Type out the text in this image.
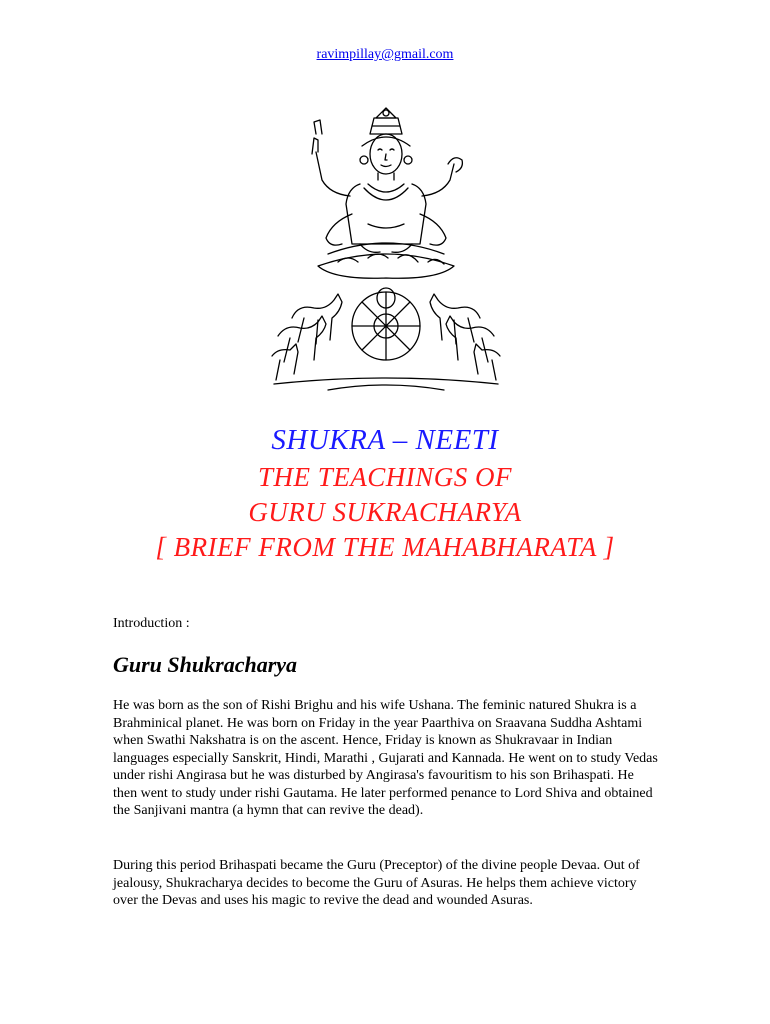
ravimpillay@gmail.com
SHUKRA – NEETI
THE TEACHINGS OF
GURU SUKRACHARYA
[ BRIEF FROM THE MAHABHARATA ]
Introduction :
Guru Shukracharya

He was born as the son of Rishi Brighu and his wife Ushana. The feminic natured Shukra is a Brahminical planet. He was born on Friday in the year Paarthiva on Sraavana Suddha Ashtami when Swathi Nakshatra is on the ascent. Hence, Friday is known as Shukravaar in Indian languages especially Sanskrit, Hindi, Marathi , Gujarati and Kannada. He went on to study Vedas under rishi Angirasa but he was disturbed by Angirasa's favouritism to his son Brihaspati. He then went to study under rishi Gautama. He later performed penance to Lord Shiva and obtained the Sanjivani mantra (a hymn that can revive the dead).

During this period Brihaspati became the Guru (Preceptor) of the divine people Devaa. Out of jealousy, Shukracharya decides to become the Guru of Asuras. He helps them achieve victory over the Devas and uses his magic to revive the dead and wounded Asuras.
